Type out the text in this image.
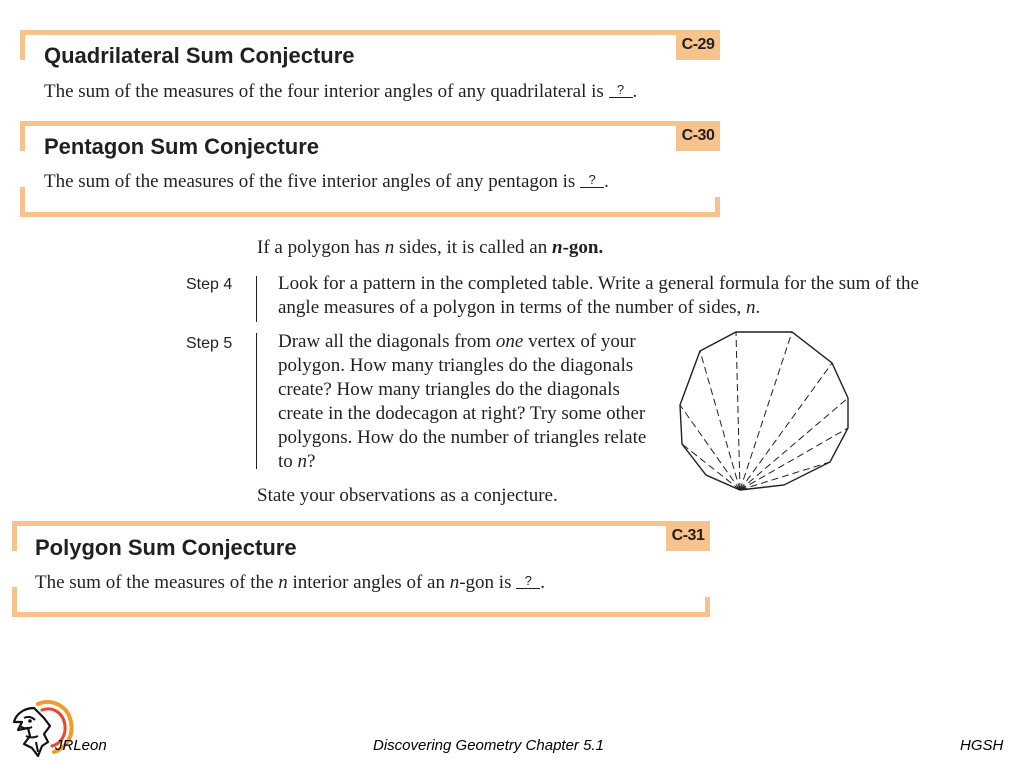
C-29
Quadrilateral Sum Conjecture
The sum of the measures of the four interior angles of any quadrilateral is ? .
C-30
Pentagon Sum Conjecture
The sum of the measures of the five interior angles of any pentagon is ? .
If a polygon has n sides, it is called an n-gon.
Step 4 Look for a pattern in the completed table. Write a general formula for the sum of the angle measures of a polygon in terms of the number of sides, n.
Step 5 Draw all the diagonals from one vertex of your polygon. How many triangles do the diagonals create? How many triangles do the diagonals create in the dodecagon at right? Try some other polygons. How do the number of triangles relate to n?
State your observations as a conjecture.
C-31
Polygon Sum Conjecture
The sum of the measures of the n interior angles of an n-gon is ? .
JRLeon	Discovering Geometry Chapter 5.1	HGSH
